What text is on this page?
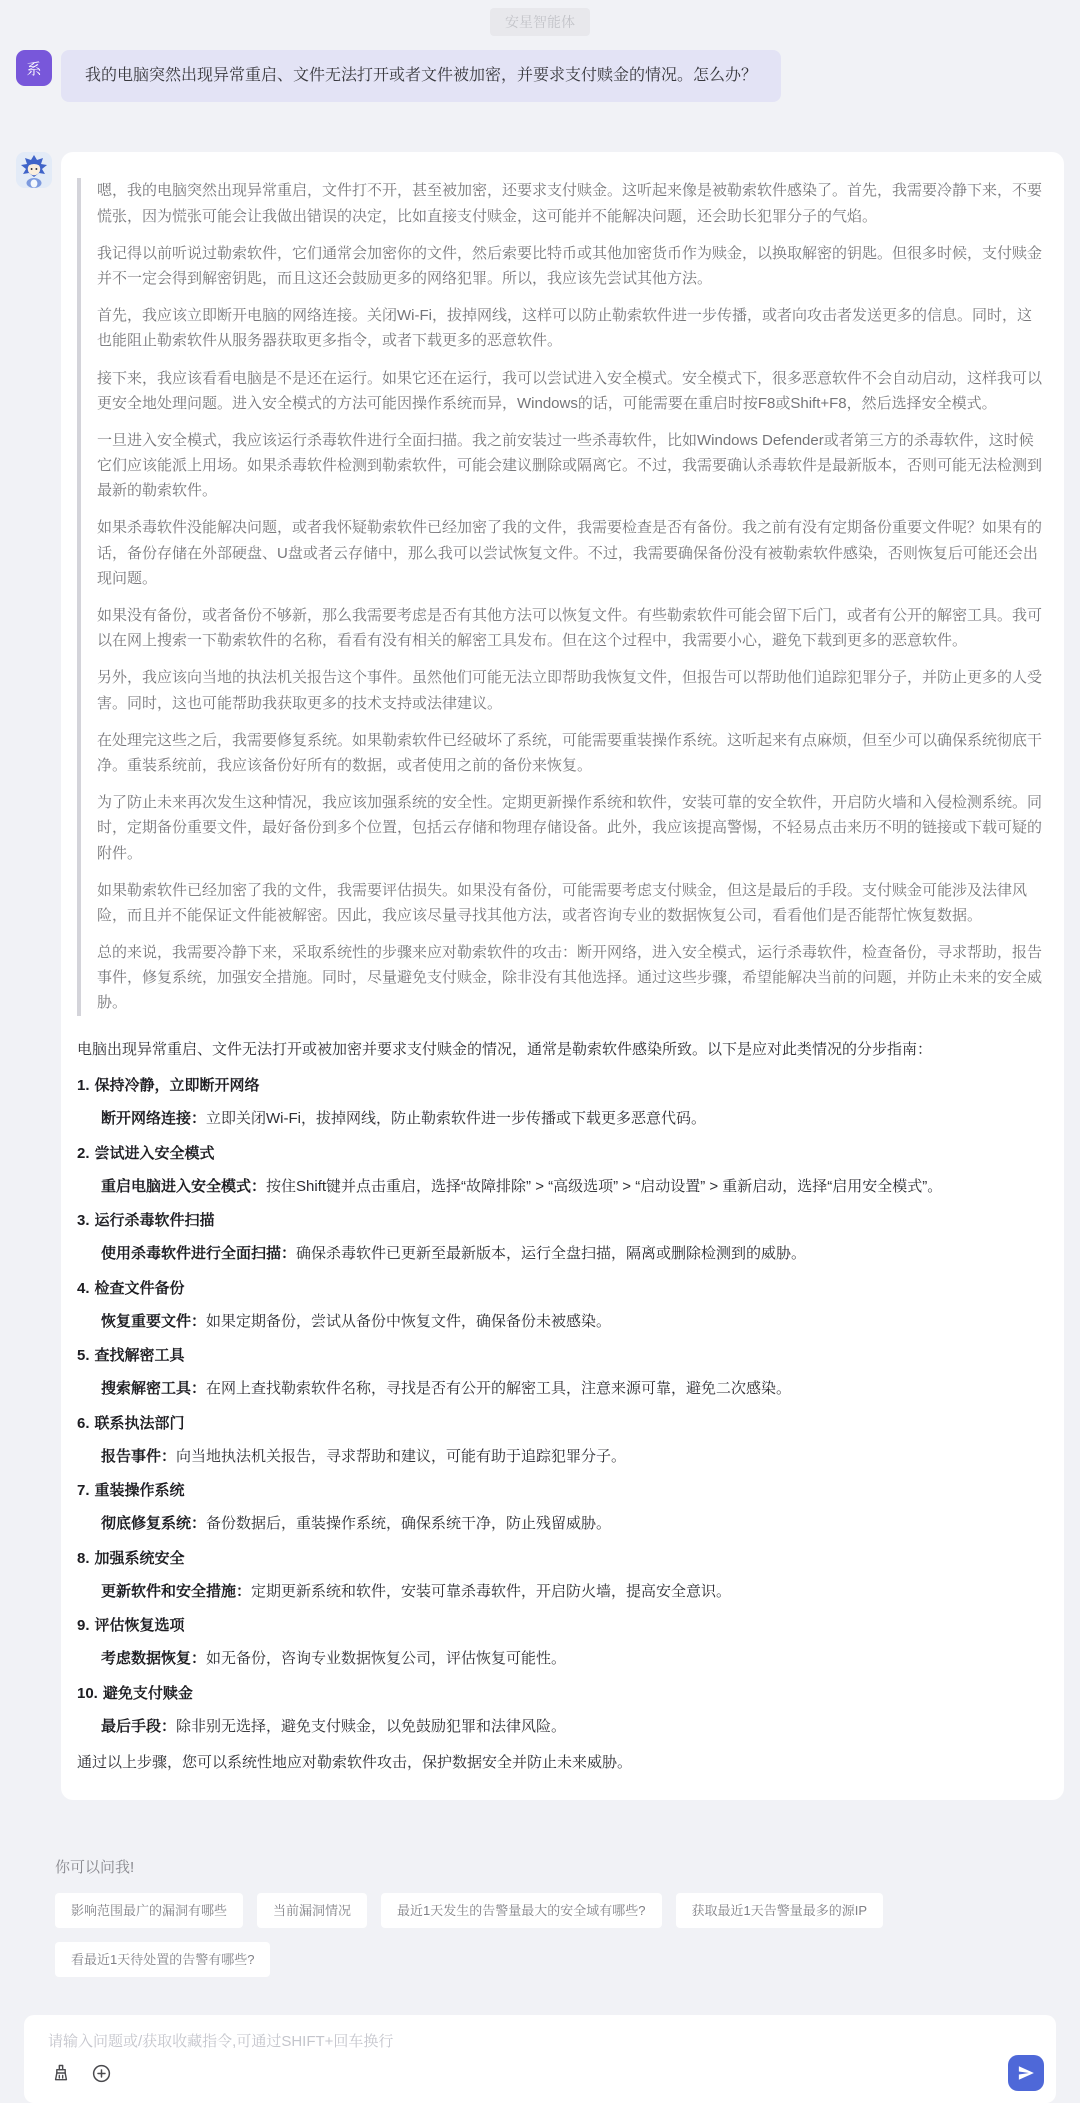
安星智能体
系	我的电脑突然出现异常重启、文件无法打开或者文件被加密，并要求支付赎金的情况。怎么办？

嗯，我的电脑突然出现异常重启，文件打不开，甚至被加密，还要求支付赎金。这听起来像是被勒索软件感染了。首先，我需要冷静下来，不要慌张，因为慌张可能会让我做出错误的决定，比如直接支付赎金，这可能并不能解决问题，还会助长犯罪分子的气焰。

我记得以前听说过勒索软件，它们通常会加密你的文件，然后索要比特币或其他加密货币作为赎金，以换取解密的钥匙。但很多时候，支付赎金并不一定会得到解密钥匙，而且这还会鼓励更多的网络犯罪。所以，我应该先尝试其他方法。

首先，我应该立即断开电脑的网络连接。关闭Wi-Fi，拔掉网线，这样可以防止勒索软件进一步传播，或者向攻击者发送更多的信息。同时，这也能阻止勒索软件从服务器获取更多指令，或者下载更多的恶意软件。

接下来，我应该看看电脑是不是还在运行。如果它还在运行，我可以尝试进入安全模式。安全模式下，很多恶意软件不会自动启动，这样我可以更安全地处理问题。进入安全模式的方法可能因操作系统而异，Windows的话，可能需要在重启时按F8或Shift+F8，然后选择安全模式。

一旦进入安全模式，我应该运行杀毒软件进行全面扫描。我之前安装过一些杀毒软件，比如Windows Defender或者第三方的杀毒软件，这时候它们应该能派上用场。如果杀毒软件检测到勒索软件，可能会建议删除或隔离它。不过，我需要确认杀毒软件是最新版本，否则可能无法检测到最新的勒索软件。

如果杀毒软件没能解决问题，或者我怀疑勒索软件已经加密了我的文件，我需要检查是否有备份。我之前有没有定期备份重要文件呢？如果有的话，备份存储在外部硬盘、U盘或者云存储中，那么我可以尝试恢复文件。不过，我需要确保备份没有被勒索软件感染，否则恢复后可能还会出现问题。

如果没有备份，或者备份不够新，那么我需要考虑是否有其他方法可以恢复文件。有些勒索软件可能会留下后门，或者有公开的解密工具。我可以在网上搜索一下勒索软件的名称，看看有没有相关的解密工具发布。但在这个过程中，我需要小心，避免下载到更多的恶意软件。

另外，我应该向当地的执法机关报告这个事件。虽然他们可能无法立即帮助我恢复文件，但报告可以帮助他们追踪犯罪分子，并防止更多的人受害。同时，这也可能帮助我获取更多的技术支持或法律建议。

在处理完这些之后，我需要修复系统。如果勒索软件已经破坏了系统，可能需要重装操作系统。这听起来有点麻烦，但至少可以确保系统彻底干净。重装系统前，我应该备份好所有的数据，或者使用之前的备份来恢复。

为了防止未来再次发生这种情况，我应该加强系统的安全性。定期更新操作系统和软件，安装可靠的安全软件，开启防火墙和入侵检测系统。同时，定期备份重要文件，最好备份到多个位置，包括云存储和物理存储设备。此外，我应该提高警惕，不轻易点击来历不明的链接或下载可疑的附件。

如果勒索软件已经加密了我的文件，我需要评估损失。如果没有备份，可能需要考虑支付赎金，但这是最后的手段。支付赎金可能涉及法律风险，而且并不能保证文件能被解密。因此，我应该尽量寻找其他方法，或者咨询专业的数据恢复公司，看看他们是否能帮忙恢复数据。

总的来说，我需要冷静下来，采取系统性的步骤来应对勒索软件的攻击：断开网络，进入安全模式，运行杀毒软件，检查备份，寻求帮助，报告事件，修复系统，加强安全措施。同时，尽量避免支付赎金，除非没有其他选择。通过这些步骤，希望能解决当前的问题，并防止未来的安全威胁。

电脑出现异常重启、文件无法打开或被加密并要求支付赎金的情况，通常是勒索软件感染所致。以下是应对此类情况的分步指南：

1. 保持冷静，立即断开网络
断开网络连接：立即关闭Wi-Fi，拔掉网线，防止勒索软件进一步传播或下载更多恶意代码。
2. 尝试进入安全模式
重启电脑进入安全模式：按住Shift键并点击重启，选择“故障排除” > “高级选项” > “启动设置” > 重新启动，选择“启用安全模式”。
3. 运行杀毒软件扫描
使用杀毒软件进行全面扫描：确保杀毒软件已更新至最新版本，运行全盘扫描，隔离或删除检测到的威胁。
4. 检查文件备份
恢复重要文件：如果定期备份，尝试从备份中恢复文件，确保备份未被感染。
5. 查找解密工具
搜索解密工具：在网上查找勒索软件名称，寻找是否有公开的解密工具，注意来源可靠，避免二次感染。
6. 联系执法部门
报告事件：向当地执法机关报告，寻求帮助和建议，可能有助于追踪犯罪分子。
7. 重装操作系统
彻底修复系统：备份数据后，重装操作系统，确保系统干净，防止残留威胁。
8. 加强系统安全
更新软件和安全措施：定期更新系统和软件，安装可靠杀毒软件，开启防火墙，提高安全意识。
9. 评估恢复选项
考虑数据恢复：如无备份，咨询专业数据恢复公司，评估恢复可能性。
10. 避免支付赎金
最后手段：除非别无选择，避免支付赎金，以免鼓励犯罪和法律风险。

通过以上步骤，您可以系统性地应对勒索软件攻击，保护数据安全并防止未来威胁。

你可以问我!
影响范围最广的漏洞有哪些	当前漏洞情况	最近1天发生的告警量最大的安全域有哪些?	获取最近1天告警量最多的源IP
看最近1天待处置的告警有哪些?
请输入问题或/获取收藏指令,可通过SHIFT+回车换行
